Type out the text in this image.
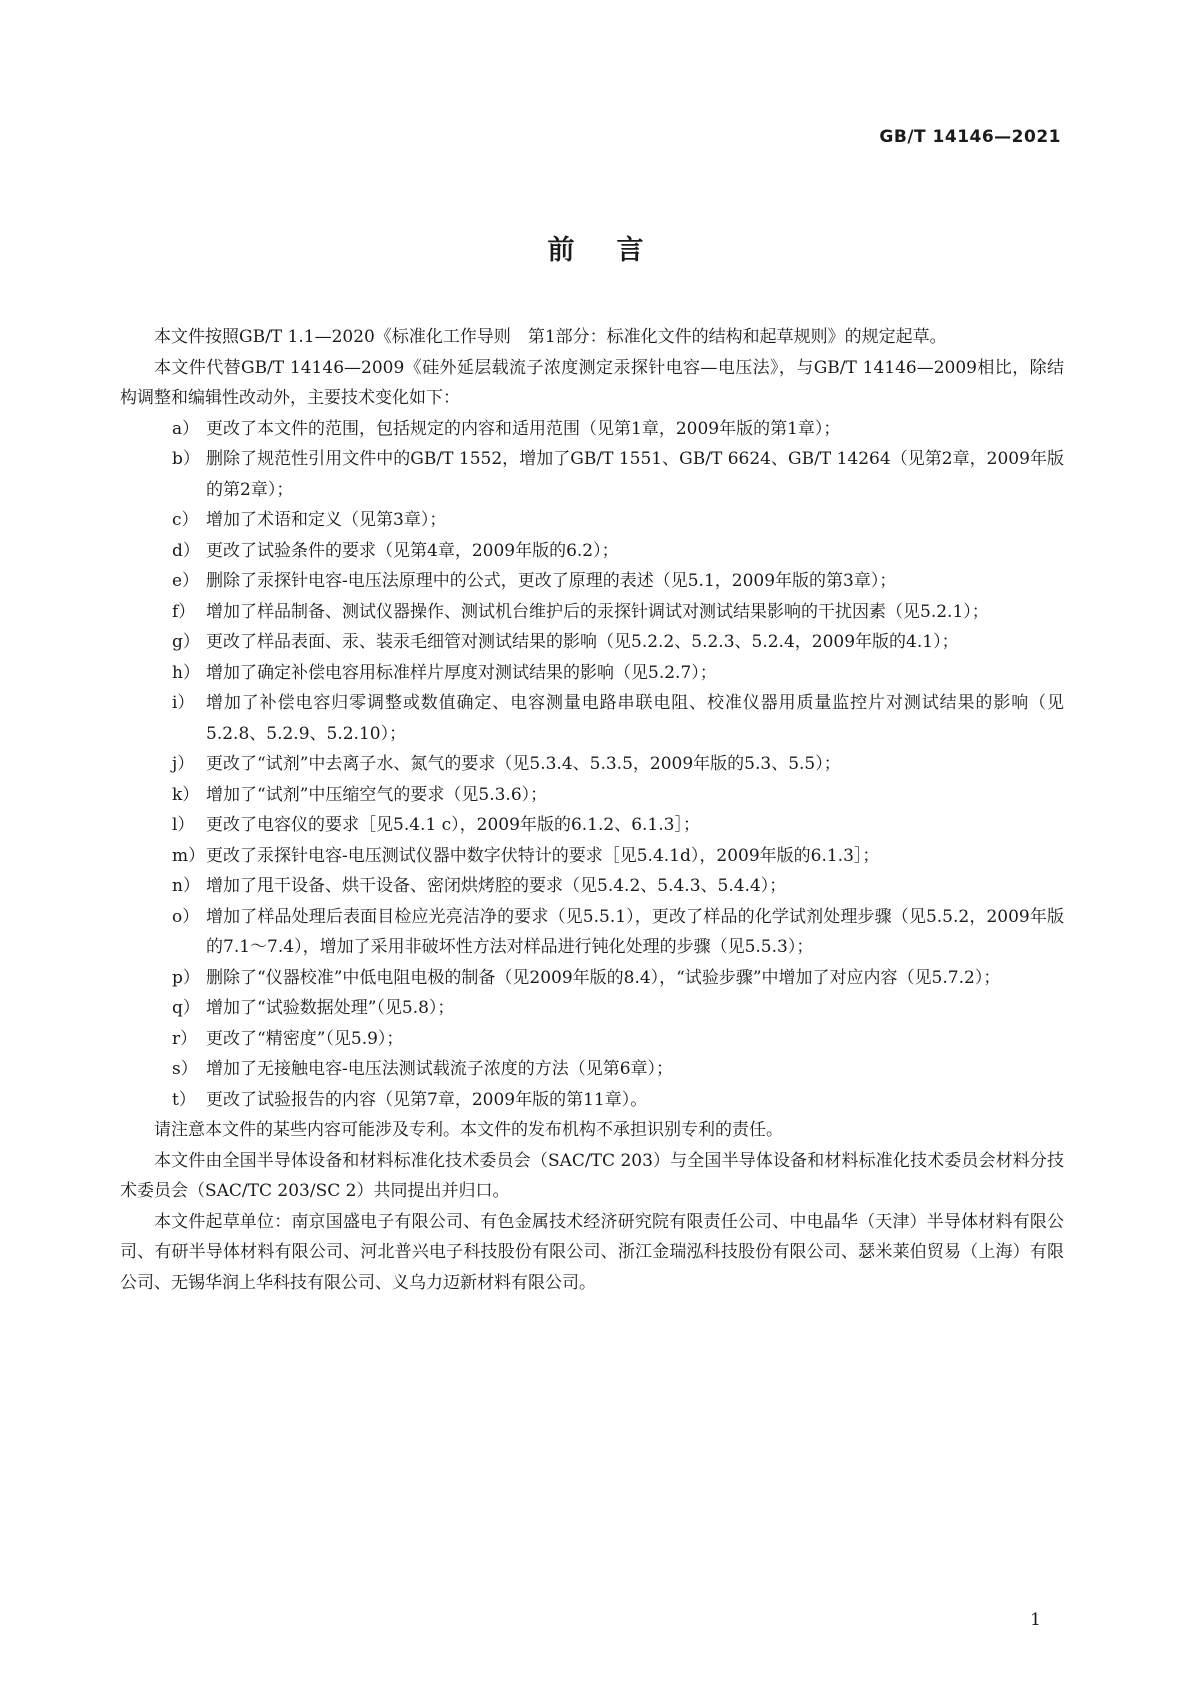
GB/T 14146—2021
前言

本文件按照GB/T 1.1—2020《标准化工作导则　第1部分：标准化文件的结构和起草规则》的规定起草。

本文件代替GB/T 14146—2009《硅外延层载流子浓度测定汞探针电容—电压法》，与GB/T 14146—2009相比，除结构调整和编辑性改动外，主要技术变化如下：

a） 更改了本文件的范围，包括规定的内容和适用范围（见第1章，2009年版的第1章）；

b） 删除了规范性引用文件中的GB/T 1552，增加了GB/T 1551、GB/T 6624、GB/T 14264（见第2章，2009年版的第2章）；

c） 增加了术语和定义（见第3章）；

d） 更改了试验条件的要求（见第4章，2009年版的6.2）；

e） 删除了汞探针电容-电压法原理中的公式，更改了原理的表述（见5.1，2009年版的第3章）；

f） 增加了样品制备、测试仪器操作、测试机台维护后的汞探针调试对测试结果影响的干扰因素（见5.2.1）；

g） 更改了样品表面、汞、装汞毛细管对测试结果的影响（见5.2.2、5.2.3、5.2.4，2009年版的4.1）；

h） 增加了确定补偿电容用标准样片厚度对测试结果的影响（见5.2.7）；

i） 增加了补偿电容归零调整或数值确定、电容测量电路串联电阻、校准仪器用质量监控片对测试结果的影响（见5.2.8、5.2.9、5.2.10）；

j） 更改了“试剂”中去离子水、氮气的要求（见5.3.4、5.3.5，2009年版的5.3、5.5）；

k） 增加了“试剂”中压缩空气的要求（见5.3.6）；

l） 更改了电容仪的要求［见5.4.1 c），2009年版的6.1.2、6.1.3］；

m） 更改了汞探针电容-电压测试仪器中数字伏特计的要求［见5.4.1d），2009年版的6.1.3］；

n） 增加了甩干设备、烘干设备、密闭烘烤腔的要求（见5.4.2、5.4.3、5.4.4）；

o） 增加了样品处理后表面目检应光亮洁净的要求（见5.5.1），更改了样品的化学试剂处理步骤（见5.5.2，2009年版的7.1～7.4），增加了采用非破坏性方法对样品进行钝化处理的步骤（见5.5.3）；

p） 删除了“仪器校准”中低电阻电极的制备（见2009年版的8.4），“试验步骤”中增加了对应内容（见5.7.2）；

q） 增加了“试验数据处理”（见5.8）；

r） 更改了“精密度”（见5.9）；

s） 增加了无接触电容-电压法测试载流子浓度的方法（见第6章）；

t） 更改了试验报告的内容（见第7章，2009年版的第11章）。

请注意本文件的某些内容可能涉及专利。本文件的发布机构不承担识别专利的责任。

本文件由全国半导体设备和材料标准化技术委员会（SAC/TC 203）与全国半导体设备和材料标准化技术委员会材料分技术委员会（SAC/TC 203/SC 2）共同提出并归口。

本文件起草单位：南京国盛电子有限公司、有色金属技术经济研究院有限责任公司、中电晶华（天津）半导体材料有限公司、有研半导体材料有限公司、河北普兴电子科技股份有限公司、浙江金瑞泓科技股份有限公司、瑟米莱伯贸易（上海）有限公司、无锡华润上华科技有限公司、义乌力迈新材料有限公司。

1
